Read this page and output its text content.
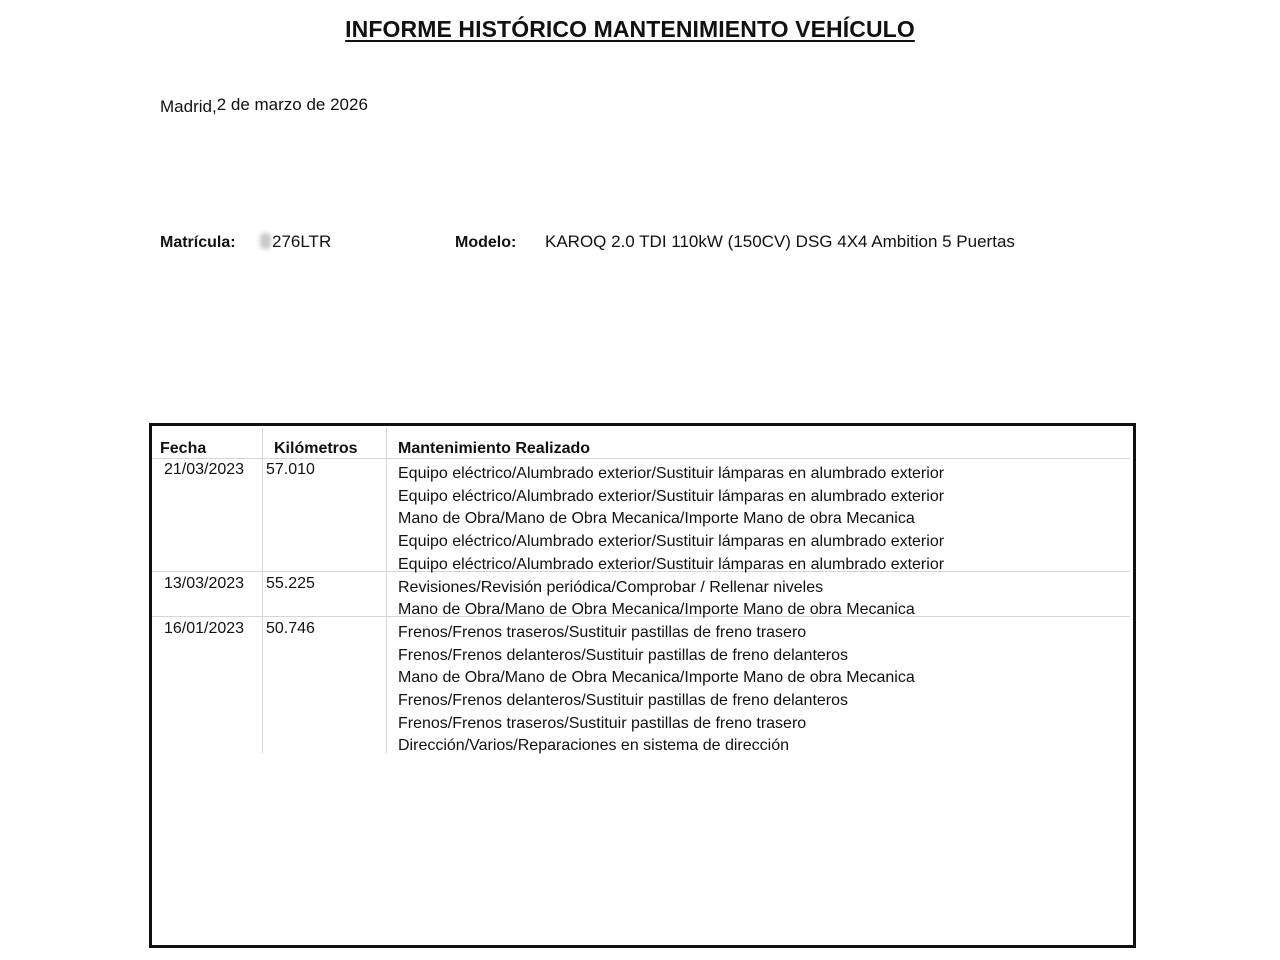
INFORME HISTÓRICO MANTENIMIENTO VEHÍCULO
Madrid,2 de marzo de 2026
Matrícula:	276LTR	Modelo: KAROQ 2.0 TDI 110kW (150CV) DSG 4X4 Ambition 5 Puertas
Fecha	Kilómetros	Mantenimiento Realizado
21/03/2023 57.010	Equipo eléctrico/Alumbrado exterior/Sustituir lámparas en alumbrado exterior
Equipo eléctrico/Alumbrado exterior/Sustituir lámparas en alumbrado exterior
Mano de Obra/Mano de Obra Mecanica/Importe Mano de obra Mecanica
Equipo eléctrico/Alumbrado exterior/Sustituir lámparas en alumbrado exterior
Equipo eléctrico/Alumbrado exterior/Sustituir lámparas en alumbrado exterior
13/03/2023 55.225	Revisiones/Revisión periódica/Comprobar / Rellenar niveles
Mano de Obra/Mano de Obra Mecanica/Importe Mano de obra Mecanica
16/01/2023 50.746	Frenos/Frenos traseros/Sustituir pastillas de freno trasero
Frenos/Frenos delanteros/Sustituir pastillas de freno delanteros
Mano de Obra/Mano de Obra Mecanica/Importe Mano de obra Mecanica
Frenos/Frenos delanteros/Sustituir pastillas de freno delanteros
Frenos/Frenos traseros/Sustituir pastillas de freno trasero
Dirección/Varios/Reparaciones en sistema de dirección
